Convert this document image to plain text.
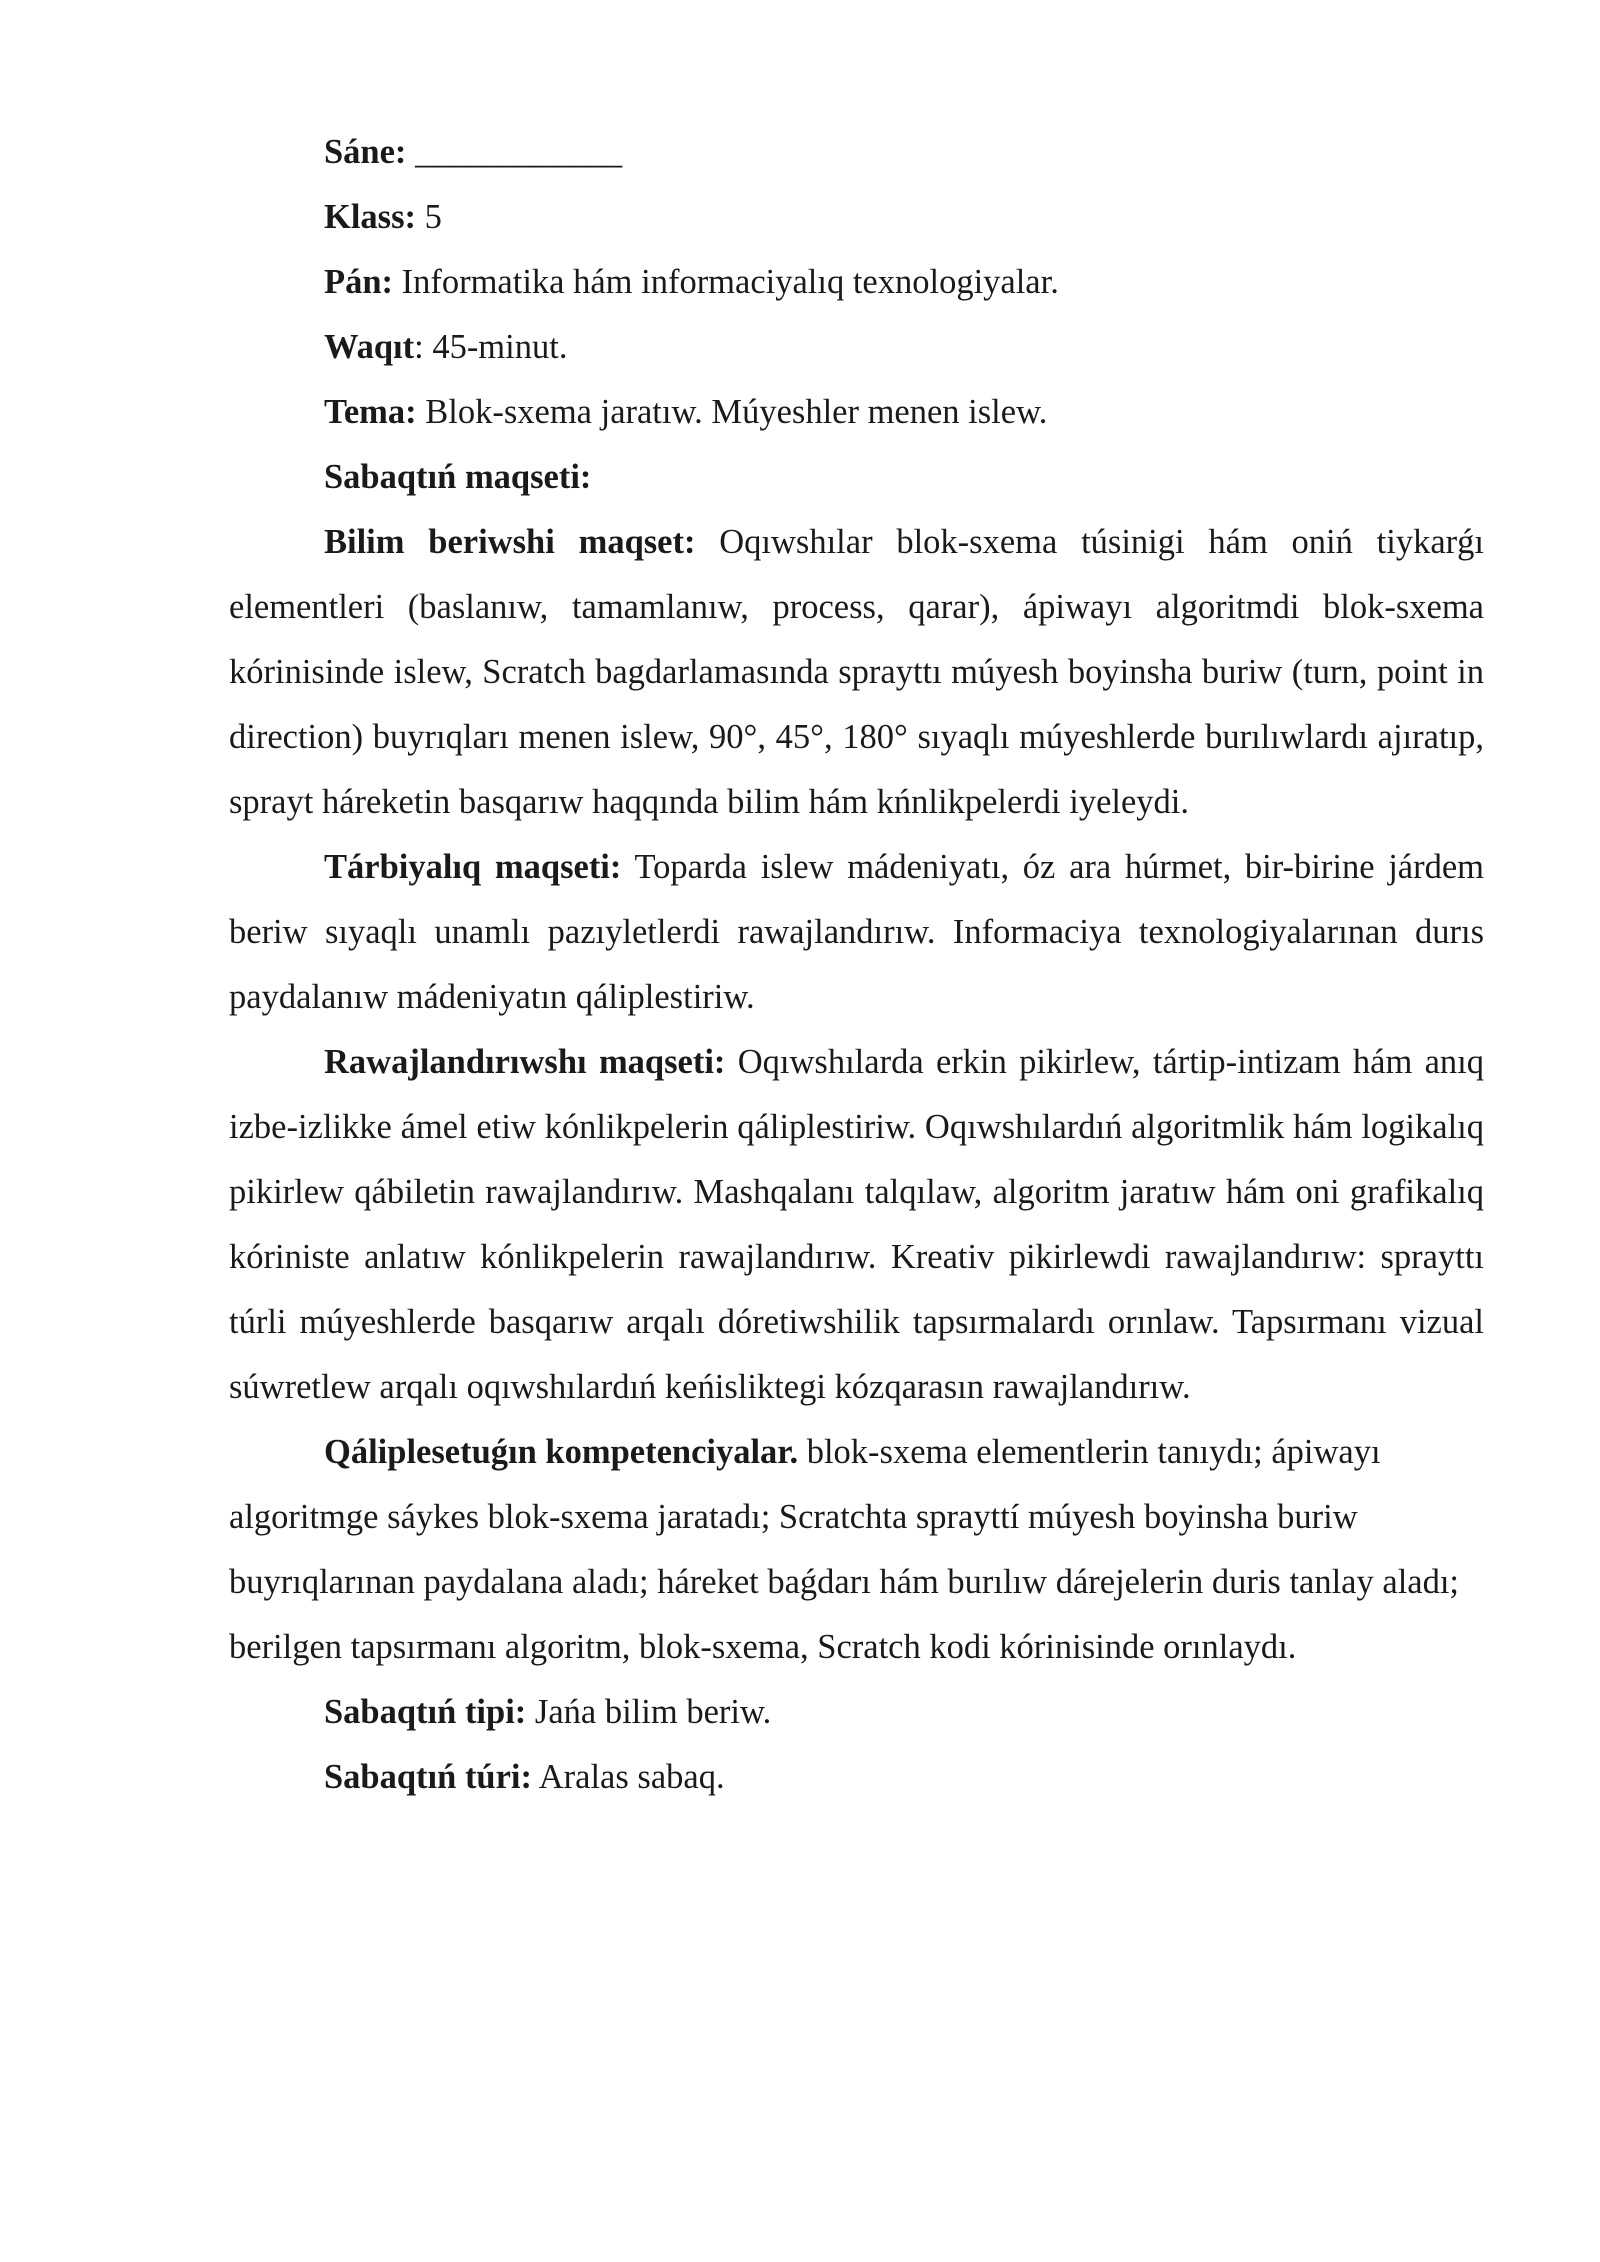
Sáne: ____________

Klass: 5

Pán: Informatika hám informaciyalıq texnologiyalar.

Waqıt: 45-minut.

Tema: Blok-sxema jaratıw. Múyeshler menen islew.

Sabaqtıń maqseti:

Bilim beriwshi maqset: Oqıwshılar blok-sxema túsinigi hám oniń tiykarǵı elementleri (baslanıw, tamamlanıw, process, qarar), ápiwayı algoritmdi blok-sxema kórinisinde islew, Scratch bagdarlamasında sprayttı múyesh boyinsha buriw (turn, point in direction) buyrıqları menen islew, 90°, 45°, 180° sıyaqlı múyeshlerde burılıwlardı ajıratıp, sprayt háreketin basqarıw haqqında bilim hám kńnlikpelerdi iyeleydi.

Tárbiyalıq maqseti: Toparda islew mádeniyatı, óz ara húrmet, bir-birine járdem beriw sıyaqlı unamlı pazıyletlerdi rawajlandırıw. Informaciya texnologiyalarınan durıs paydalanıw mádeniyatın qáliplestiriw.

Rawajlandırıwshı maqseti: Oqıwshılarda erkin pikirlew, tártip-intizam hám anıq izbe-izlikke ámel etiw kónlikpelerin qáliplestiriw. Oqıwshılardıń algoritmlik hám logikalıq pikirlew qábiletin rawajlandırıw. Mashqalanı talqılaw, algoritm jaratıw hám oni grafikalıq kóriniste anlatıw kónlikpelerin rawajlandırıw. Kreativ pikirlewdi rawajlandırıw: sprayttı túrli múyeshlerde basqarıw arqalı dóretiwshilik tapsırmalardı orınlaw. Tapsırmanı vizual súwretlew arqalı oqıwshılardıń keńisliktegi kózqarasın rawajlandırıw.

Qáliplesetuǵın kompetenciyalar. blok-sxema elementlerin tanıydı; ápiwayı algoritmge sáykes blok-sxema jaratadı; Scratchta sprayttí múyesh boyinsha buriw buyrıqlarınan paydalana aladı; háreket baǵdarı hám burılıw dárejelerin duris tanlay aladı; berilgen tapsırmanı algoritm, blok-sxema, Scratch kodi kórinisinde orınlaydı.

Sabaqtıń tipi: Jańa bilim beriw.

Sabaqtıń túri: Aralas sabaq.
